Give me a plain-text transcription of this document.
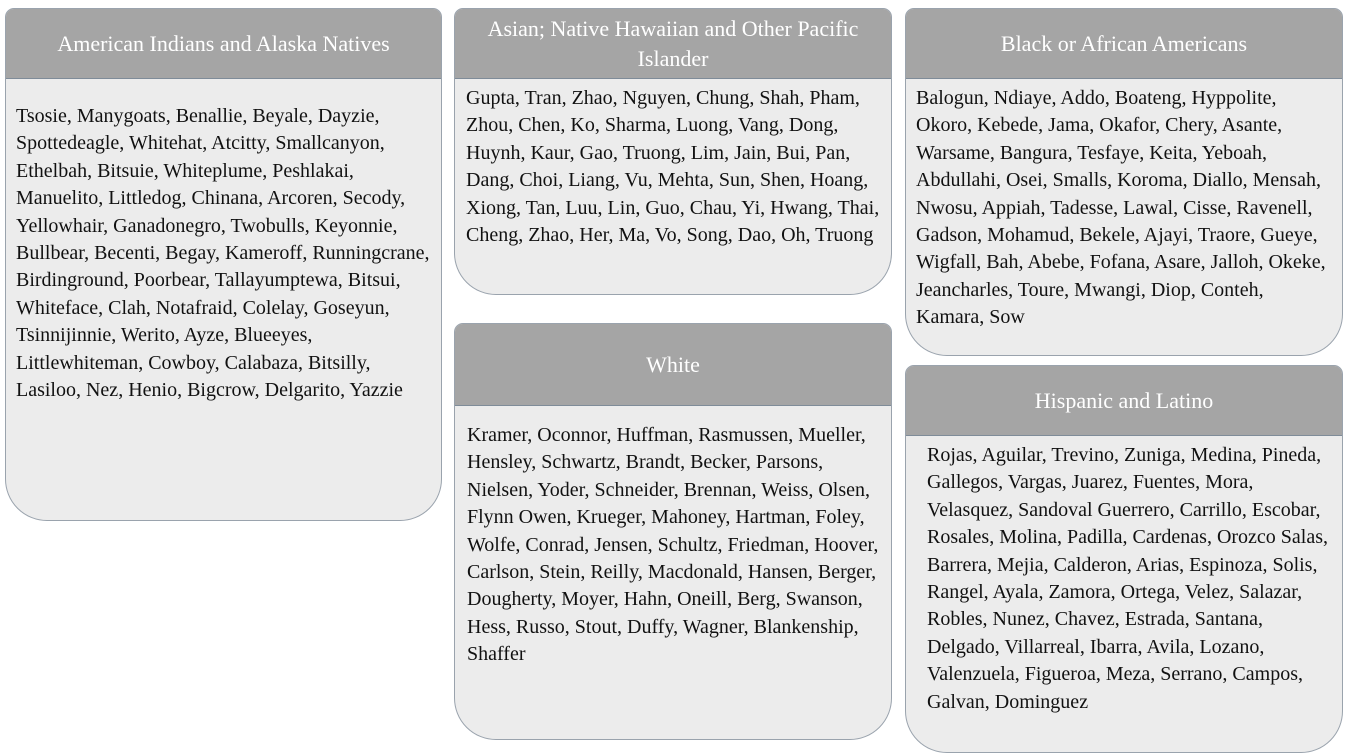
American Indians and Alaska Natives
Tsosie, Manygoats, Benallie, Beyale, Dayzie, Spottedeagle, Whitehat, Atcitty, Smallcanyon, Ethelbah, Bitsuie, Whiteplume, Peshlakai, Manuelito, Littledog, Chinana, Arcoren, Secody, Yellowhair, Ganadonegro, Twobulls, Keyonnie, Bullbear, Becenti, Begay, Kameroff, Runningcrane, Birdinground, Poorbear, Tallayumptewa, Bitsui, Whiteface, Clah, Notafraid, Colelay, Goseyun, Tsinnijinnie, Werito, Ayze, Blueeyes, Littlewhiteman, Cowboy, Calabaza, Bitsilly, Lasiloo, Nez, Henio, Bigcrow, Delgarito, Yazzie
Asian; Native Hawaiian and Other Pacific Islander
Gupta, Tran, Zhao, Nguyen, Chung, Shah, Pham, Zhou, Chen, Ko, Sharma, Luong, Vang, Dong, Huynh, Kaur, Gao, Truong, Lim, Jain, Bui, Pan, Dang, Choi, Liang, Vu, Mehta, Sun, Shen, Hoang, Xiong, Tan, Luu, Lin, Guo, Chau, Yi, Hwang, Thai, Cheng, Zhao, Her, Ma, Vo, Song, Dao, Oh, Truong
Black or African Americans
Balogun, Ndiaye, Addo, Boateng, Hyppolite, Okoro, Kebede, Jama, Okafor, Chery, Asante, Warsame, Bangura, Tesfaye, Keita, Yeboah, Abdullahi, Osei, Smalls, Koroma, Diallo, Mensah, Nwosu, Appiah, Tadesse, Lawal, Cisse, Ravenell, Gadson, Mohamud, Bekele, Ajayi, Traore, Gueye, Wigfall, Bah, Abebe, Fofana, Asare, Jalloh, Okeke, Jeancharles, Toure, Mwangi, Diop, Conteh, Kamara, Sow
White
Kramer, Oconnor, Huffman, Rasmussen, Mueller, Hensley, Schwartz, Brandt, Becker, Parsons, Nielsen, Yoder, Schneider, Brennan, Weiss, Olsen, Flynn Owen, Krueger, Mahoney, Hartman, Foley, Wolfe, Conrad, Jensen, Schultz, Friedman, Hoover, Carlson, Stein, Reilly, Macdonald, Hansen, Berger, Dougherty, Moyer, Hahn, Oneill, Berg, Swanson, Hess, Russo, Stout, Duffy, Wagner, Blankenship, Shaffer
Hispanic and Latino
Rojas, Aguilar, Trevino, Zuniga, Medina, Pineda, Gallegos, Vargas, Juarez, Fuentes, Mora, Velasquez, Sandoval Guerrero, Carrillo, Escobar, Rosales, Molina, Padilla, Cardenas, Orozco Salas, Barrera, Mejia, Calderon, Arias, Espinoza, Solis, Rangel, Ayala, Zamora, Ortega, Velez, Salazar, Robles, Nunez, Chavez, Estrada, Santana, Delgado, Villarreal, Ibarra, Avila, Lozano, Valenzuela, Figueroa, Meza, Serrano, Campos, Galvan, Dominguez
